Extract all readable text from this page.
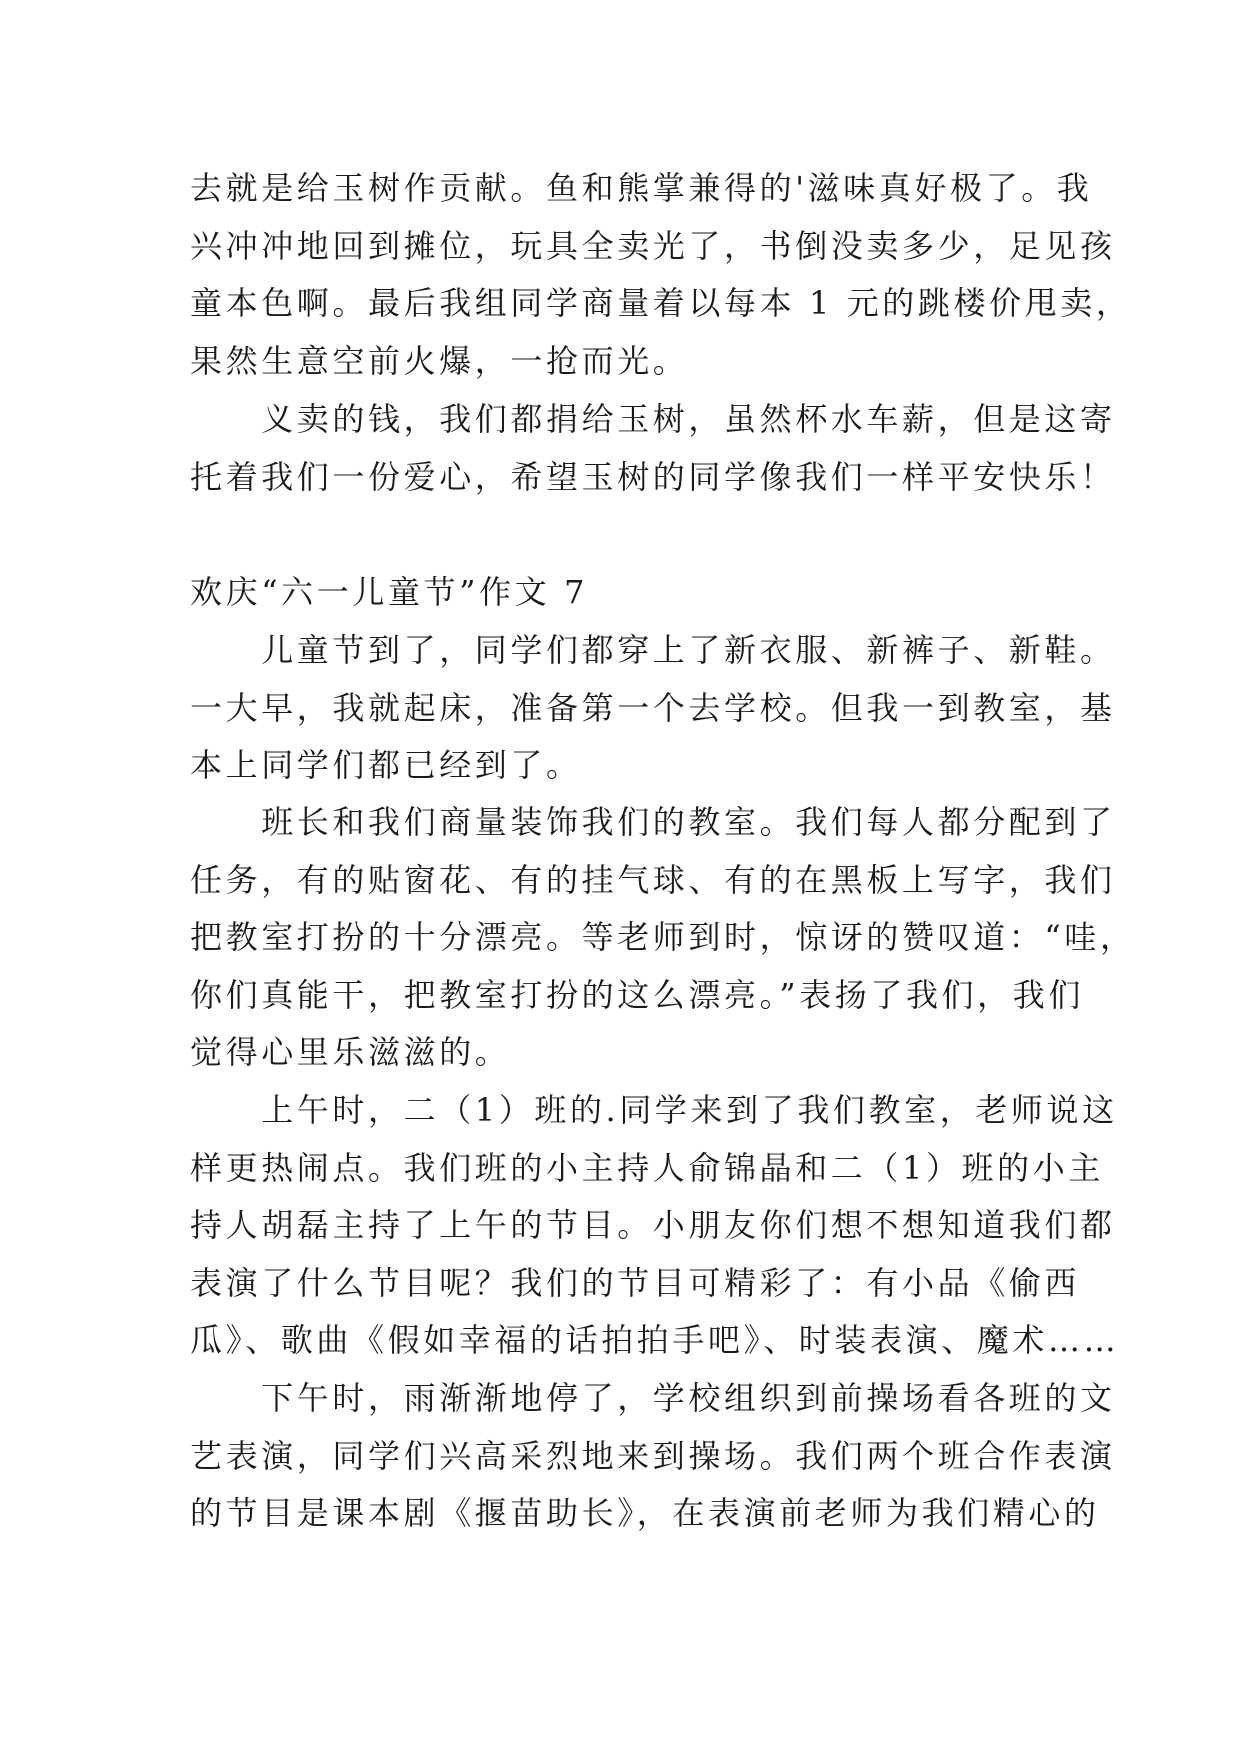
去就是给玉树作贡献。鱼和熊掌兼得的'滋味真好极了。我
兴冲冲地回到摊位，玩具全卖光了，书倒没卖多少，足见孩
童本色啊。最后我组同学商量着以每本 1 元的跳楼价甩卖，
果然生意空前火爆，一抢而光。
　　义卖的钱，我们都捐给玉树，虽然杯水车薪，但是这寄
托着我们一份爱心，希望玉树的同学像我们一样平安快乐！
欢庆“六一儿童节”作文 7
　　儿童节到了，同学们都穿上了新衣服、新裤子、新鞋。
一大早，我就起床，准备第一个去学校。但我一到教室，基
本上同学们都已经到了。
　　班长和我们商量装饰我们的教室。我们每人都分配到了
任务，有的贴窗花、有的挂气球、有的在黑板上写字，我们
把教室打扮的十分漂亮。等老师到时，惊讶的赞叹道：“哇，
你们真能干，把教室打扮的这么漂亮。”表扬了我们，我们
觉得心里乐滋滋的。
　　上午时，二（1）班的.同学来到了我们教室，老师说这
样更热闹点。我们班的小主持人俞锦晶和二（1）班的小主
持人胡磊主持了上午的节目。小朋友你们想不想知道我们都
表演了什么节目呢？我们的节目可精彩了：有小品《偷西
瓜》、歌曲《假如幸福的话拍拍手吧》、时装表演、魔术……
　　下午时，雨渐渐地停了，学校组织到前操场看各班的文
艺表演，同学们兴高采烈地来到操场。我们两个班合作表演
的节目是课本剧《揠苗助长》，在表演前老师为我们精心的
